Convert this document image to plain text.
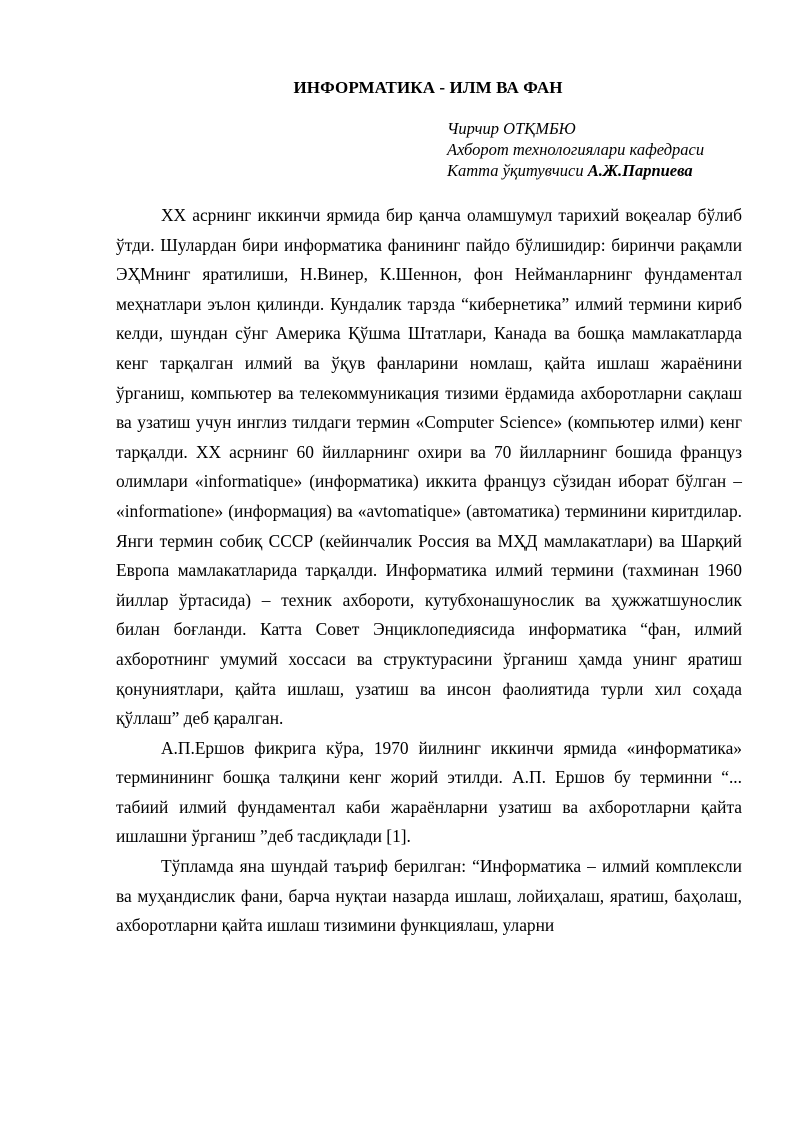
ИНФОРМАТИКА - ИЛМ ВА ФАН
Чирчир ОТҚМБЮ
Ахборот технологиялари кафедраси
Катта ўқитувчиси А.Ж.Парпиева

XX асрнинг иккинчи ярмида бир қанча оламшумул тарихий воқеалар бўлиб ўтди. Шулардан бири информатика фанининг пайдо бўлишидир: биринчи рақамли ЭҲМнинг яратилиши, Н.Винер, К.Шеннон, фон Нейманларнинг фундаментал меҳнатлари эълон қилинди. Кундалик тарзда “кибернетика” илмий термини кириб келди, шундан сўнг Америка Қўшма Штатлари, Канада ва бошқа мамлакатларда кенг тарқалган илмий ва ўқув фанларини номлаш, қайта ишлаш жараёнини ўрганиш, компьютер ва телекоммуникация тизими ёрдамида ахборотларни сақлаш ва узатиш учун инглиз тилдаги термин «Computer Science» (компьютер илми) кенг тарқалди. XX асрнинг 60 йилларнинг охири ва 70 йилларнинг бошида француз олимлари «informatique» (информатика) иккита француз сўзидан иборат бўлган – «informatione» (информация) ва «avtomatique» (автоматика) терминини киритдилар. Янги термин собиқ СССР (кейинчалик Россия ва МҲД мамлакатлари) ва Шарқий Европа мамлакатларида тарқалди. Информатика илмий термини (тахминан 1960 йиллар ўртасида) – техник ахбороти, кутубхонашунослик ва ҳужжатшунослик билан боғланди. Катта Совет Энциклопедиясида информатика “фан, илмий ахборотнинг умумий хоссаси ва структурасини ўрганиш ҳамда унинг яратиш қонуниятлари, қайта ишлаш, узатиш ва инсон фаолиятида турли хил соҳада қўллаш” деб қаралган.

А.П.Ершов фикрига кўра, 1970 йилнинг иккинчи ярмида «информатика» терминининг бошқа талқини кенг жорий этилди. А.П. Ершов бу терминни “... табиий илмий фундаментал каби жараёнларни узатиш ва ахборотларни қайта ишлашни ўрганиш ”деб тасдиқлади [1].

Тўпламда яна шундай таъриф берилган: “Информатика – илмий комплексли ва муҳандислик фани, барча нуқтаи назарда ишлаш, лойиҳалаш, яратиш, баҳолаш, ахборотларни қайта ишлаш тизимини функциялаш, уларни
